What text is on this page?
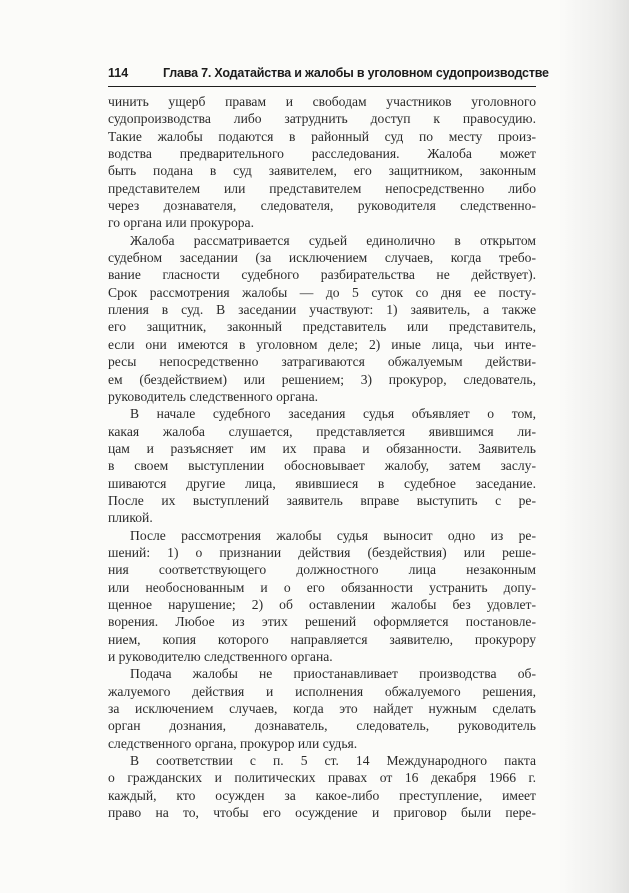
114	Глава 7. Ходатайства и жалобы в уголовном судопроизводстве
чинить ущерб правам и свободам участников уголовного
судопроизводства либо затруднить доступ к правосудию.
Такие жалобы подаются в районный суд по месту произ-
водства предварительного расследования. Жалоба может
быть подана в суд заявителем, его защитником, законным
представителем или представителем непосредственно либо
через дознавателя, следователя, руководителя следственно-
го органа или прокурора.
Жалоба рассматривается судьей единолично в открытом
судебном заседании (за исключением случаев, когда требо-
вание гласности судебного разбирательства не действует).
Срок рассмотрения жалобы — до 5 суток со дня ее посту-
пления в суд. В заседании участвуют: 1) заявитель, а также
его защитник, законный представитель или представитель,
если они имеются в уголовном деле; 2) иные лица, чьи инте-
ресы непосредственно затрагиваются обжалуемым действи-
ем (бездействием) или решением; 3) прокурор, следователь,
руководитель следственного органа.
В начале судебного заседания судья объявляет о том,
какая жалоба слушается, представляется явившимся ли-
цам и разъясняет им их права и обязанности. Заявитель
в своем выступлении обосновывает жалобу, затем заслу-
шиваются другие лица, явившиеся в судебное заседание.
После их выступлений заявитель вправе выступить с ре-
пликой.
После рассмотрения жалобы судья выносит одно из ре-
шений: 1) о признании действия (бездействия) или реше-
ния соответствующего должностного лица незаконным
или необоснованным и о его обязанности устранить допу-
щенное нарушение; 2) об оставлении жалобы без удовлет-
ворения. Любое из этих решений оформляется постановле-
нием, копия которого направляется заявителю, прокурору
и руководителю следственного органа.
Подача жалобы не приостанавливает производства об-
жалуемого действия и исполнения обжалуемого решения,
за исключением случаев, когда это найдет нужным сделать
орган дознания, дознаватель, следователь, руководитель
следственного органа, прокурор или судья.
В соответствии с п. 5 ст. 14 Международного пакта
о гражданских и политических правах от 16 декабря 1966 г.
каждый, кто осужден за какое-либо преступление, имеет
право на то, чтобы его осуждение и приговор были пере-
